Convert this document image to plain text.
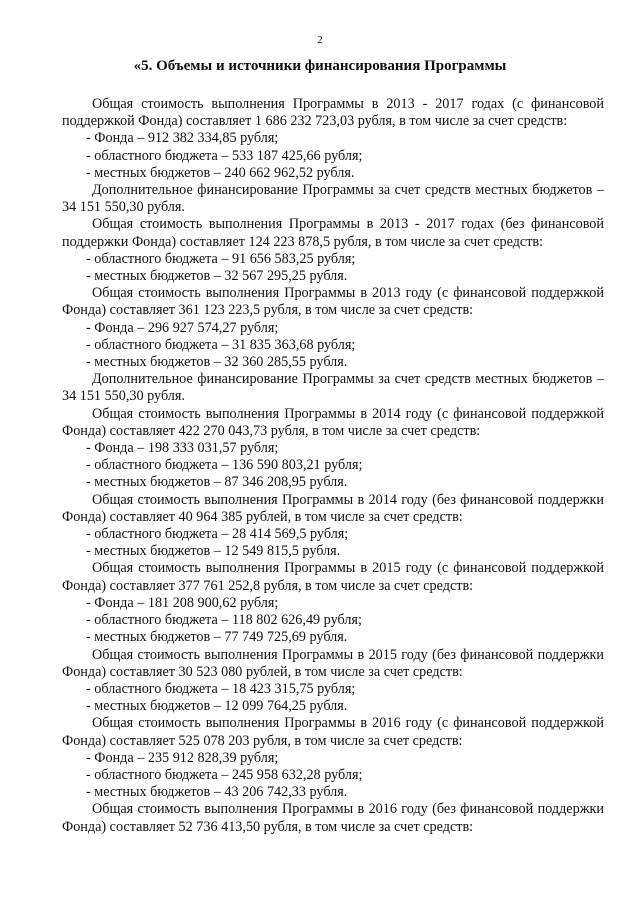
2
«5. Объемы и источники финансирования Программы

Общая стоимость выполнения Программы в 2013 - 2017 годах (с финансовой поддержкой Фонда) составляет 1 686 232 723,03 рубля, в том числе за счет средств:

- Фонда – 912 382 334,85 рубля;
- областного бюджета – 533 187 425,66 рубля;
- местных бюджетов – 240 662 962,52 рубля.

Дополнительное финансирование Программы за счет средств местных бюджетов – 34 151 550,30 рубля.

Общая стоимость выполнения Программы в 2013 - 2017 годах (без финансовой поддержки Фонда) составляет 124 223 878,5 рубля, в том числе за счет средств:

- областного бюджета – 91 656 583,25 рубля;
- местных бюджетов – 32 567 295,25 рубля.

Общая стоимость выполнения Программы в 2013 году (с финансовой поддержкой Фонда) составляет 361 123 223,5 рубля, в том числе за счет средств:

- Фонда – 296 927 574,27 рубля;
- областного бюджета – 31 835 363,68 рубля;
- местных бюджетов – 32 360 285,55 рубля.

Дополнительное финансирование Программы за счет средств местных бюджетов – 34 151 550,30 рубля.

Общая стоимость выполнения Программы в 2014 году (с финансовой поддержкой Фонда) составляет 422 270 043,73 рубля, в том числе за счет средств:

- Фонда – 198 333 031,57 рубля;
- областного бюджета – 136 590 803,21 рубля;
- местных бюджетов – 87 346 208,95 рубля.

Общая стоимость выполнения Программы в 2014 году (без финансовой поддержки Фонда) составляет 40 964 385 рублей, в том числе за счет средств:

- областного бюджета – 28 414 569,5 рубля;
- местных бюджетов – 12 549 815,5 рубля.

Общая стоимость выполнения Программы в 2015 году (с финансовой поддержкой Фонда) составляет 377 761 252,8 рубля, в том числе за счет средств:

- Фонда – 181 208 900,62 рубля;
- областного бюджета – 118 802 626,49 рубля;
- местных бюджетов – 77 749 725,69 рубля.

Общая стоимость выполнения Программы в 2015 году (без финансовой поддержки Фонда) составляет 30 523 080 рублей, в том числе за счет средств:

- областного бюджета – 18 423 315,75 рубля;
- местных бюджетов – 12 099 764,25 рубля.

Общая стоимость выполнения Программы в 2016 году (с финансовой поддержкой Фонда) составляет 525 078 203 рубля, в том числе за счет средств:

- Фонда – 235 912 828,39 рубля;
- областного бюджета – 245 958 632,28 рубля;
- местных бюджетов – 43 206 742,33 рубля.

Общая стоимость выполнения Программы в 2016 году (без финансовой поддержки Фонда) составляет 52 736 413,50 рубля, в том числе за счет средств:
